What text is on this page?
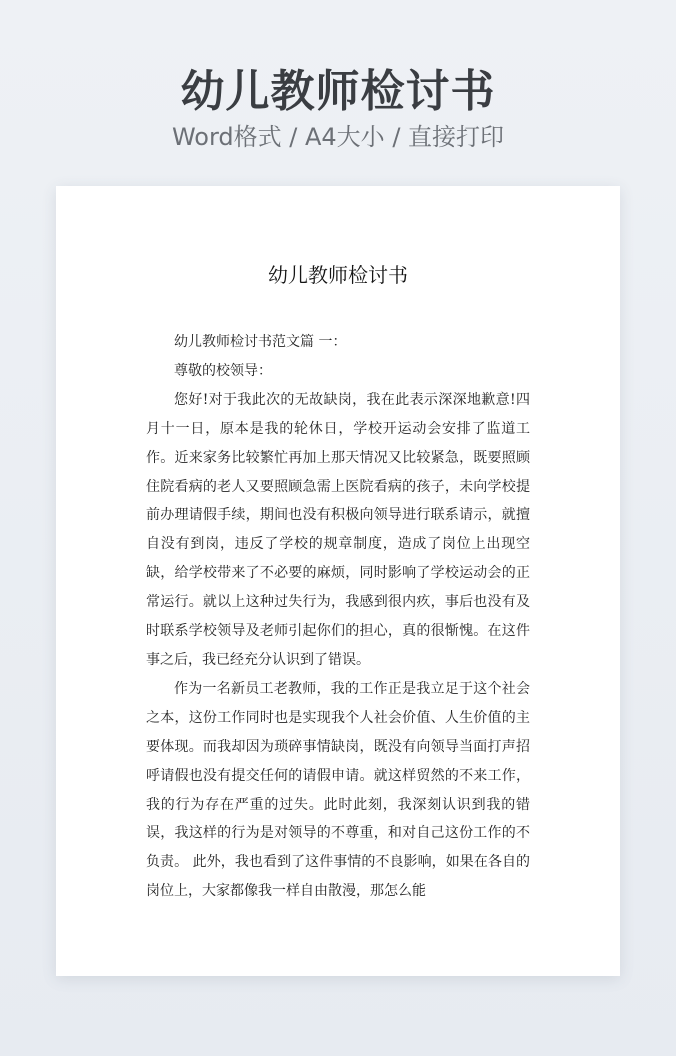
幼儿教师检讨书
Word格式 / A4大小 / 直接打印
幼儿教师检讨书

幼儿教师检讨书范文篇 一：

尊敬的校领导：

您好!对于我此次的无故缺岗，我在此表示深深地歉意!四月十一日，原本是我的轮休日，学校开运动会安排了监道工作。近来家务比较繁忙再加上那天情况又比较紧急，既要照顾住院看病的老人又要照顾急需上医院看病的孩子，未向学校提前办理请假手续，期间也没有积极向领导进行联系请示，就擅自没有到岗，违反了学校的规章制度，造成了岗位上出现空缺，给学校带来了不必要的麻烦，同时影响了学校运动会的正常运行。就以上这种过失行为，我感到很内疚，事后也没有及时联系学校领导及老师引起你们的担心，真的很惭愧。在这件事之后，我已经充分认识到了错误。

作为一名新员工老教师，我的工作正是我立足于这个社会之本，这份工作同时也是实现我个人社会价值、人生价值的主要体现。而我却因为琐碎事情缺岗，既没有向领导当面打声招呼请假也没有提交任何的请假申请。就这样贸然的不来工作，我的行为存在严重的过失。此时此刻，我深刻认识到我的错误，我这样的行为是对领导的不尊重，和对自己这份工作的不负责。 此外，我也看到了这件事情的不良影响，如果在各自的岗位上，大家都像我一样自由散漫，那怎么能
